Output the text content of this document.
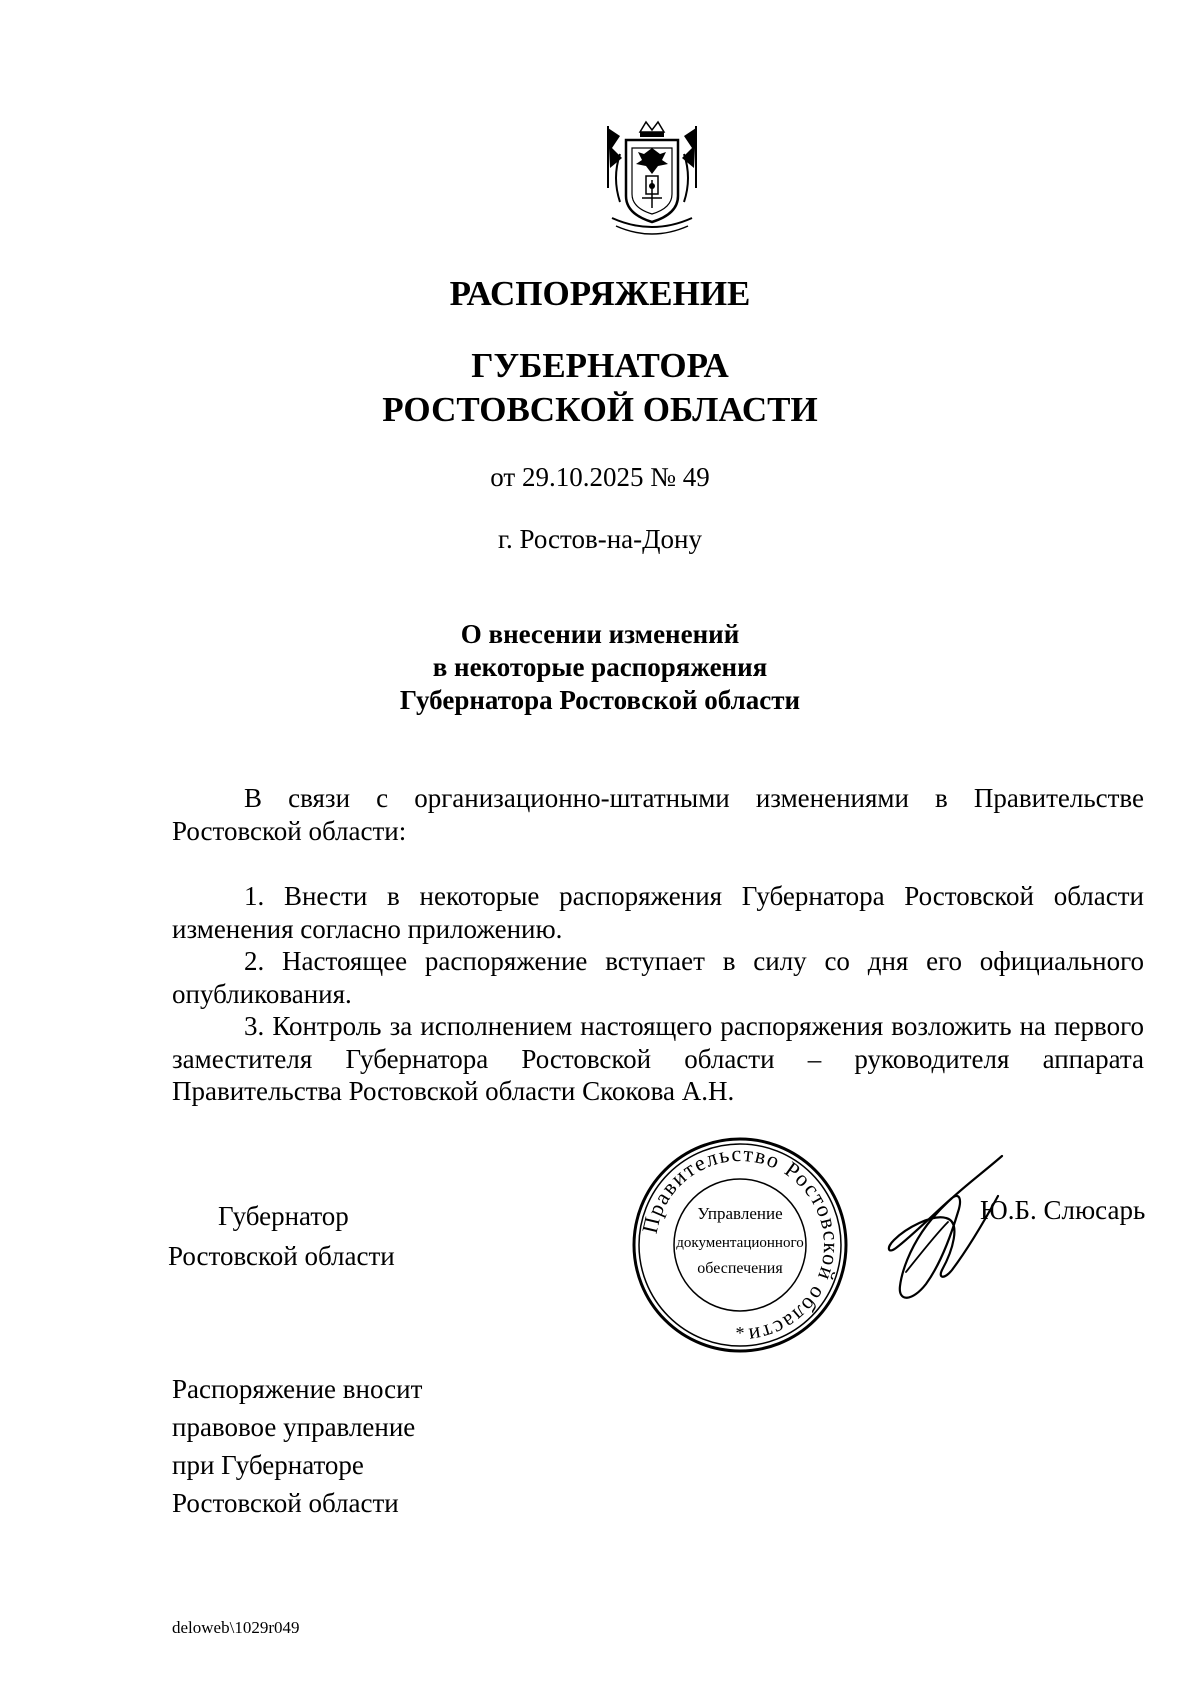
РАСПОРЯЖЕНИЕ
ГУБЕРНАТОРА
РОСТОВСКОЙ ОБЛАСТИ
от 29.10.2025 № 49
г. Ростов-на-Дону
О внесении изменений
в некоторые распоряжения
Губернатора Ростовской области

В связи с организационно-штатными изменениями в Правительстве Ростовской области:

1. Внести в некоторые распоряжения Губернатора Ростовской области изменения согласно приложению.

2. Настоящее распоряжение вступает в силу со дня его официального опубликования.

3. Контроль за исполнением настоящего распоряжения возложить на первого заместителя Губернатора Ростовской области – руководителя аппарата Правительства Ростовской области Скокова А.Н.

Губернатор
Ростовской области
Правительство Ростовской области
Управление
документационного
обеспечения
*
Ю.Б. Слюсарь
Распоряжение вносит
правовое управление
при Губернаторе
Ростовской области
deloweb\1029r049
